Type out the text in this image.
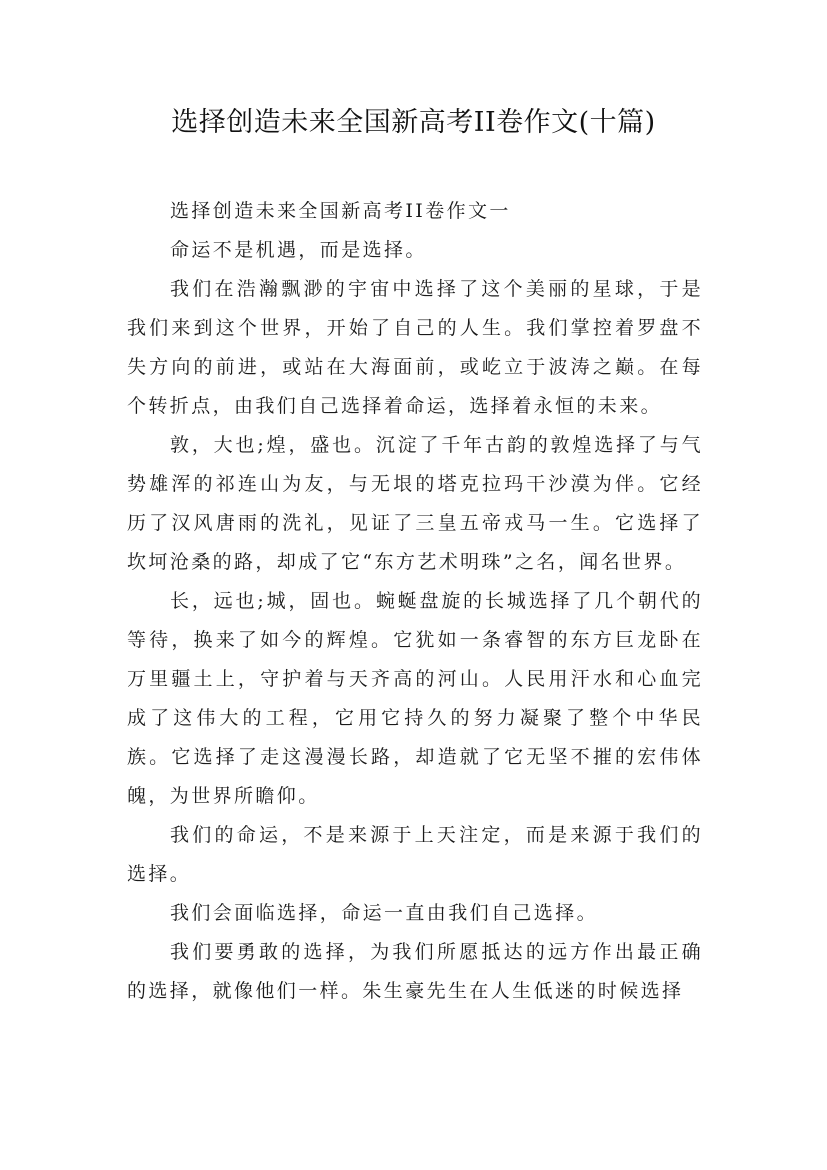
选择创造未来全国新高考II卷作文(十篇)

选择创造未来全国新高考II卷作文一

命运不是机遇，而是选择。

我们在浩瀚飘渺的宇宙中选择了这个美丽的星球，于是我们来到这个世界，开始了自己的人生。我们掌控着罗盘不失方向的前进，或站在大海面前，或屹立于波涛之巅。在每个转折点，由我们自己选择着命运，选择着永恒的未来。

敦，大也;煌，盛也。沉淀了千年古韵的敦煌选择了与气势雄浑的祁连山为友，与无垠的塔克拉玛干沙漠为伴。它经历了汉风唐雨的洗礼，见证了三皇五帝戎马一生。它选择了坎坷沧桑的路，却成了它“东方艺术明珠”之名，闻名世界。

长，远也;城，固也。蜿蜒盘旋的长城选择了几个朝代的等待，换来了如今的辉煌。它犹如一条睿智的东方巨龙卧在万里疆土上，守护着与天齐高的河山。人民用汗水和心血完成了这伟大的工程，它用它持久的努力凝聚了整个中华民族。它选择了走这漫漫长路，却造就了它无坚不摧的宏伟体魄，为世界所瞻仰。

我们的命运，不是来源于上天注定，而是来源于我们的选择。

我们会面临选择，命运一直由我们自己选择。

我们要勇敢的选择，为我们所愿抵达的远方作出最正确的选择，就像他们一样。朱生豪先生在人生低迷的时候选择
